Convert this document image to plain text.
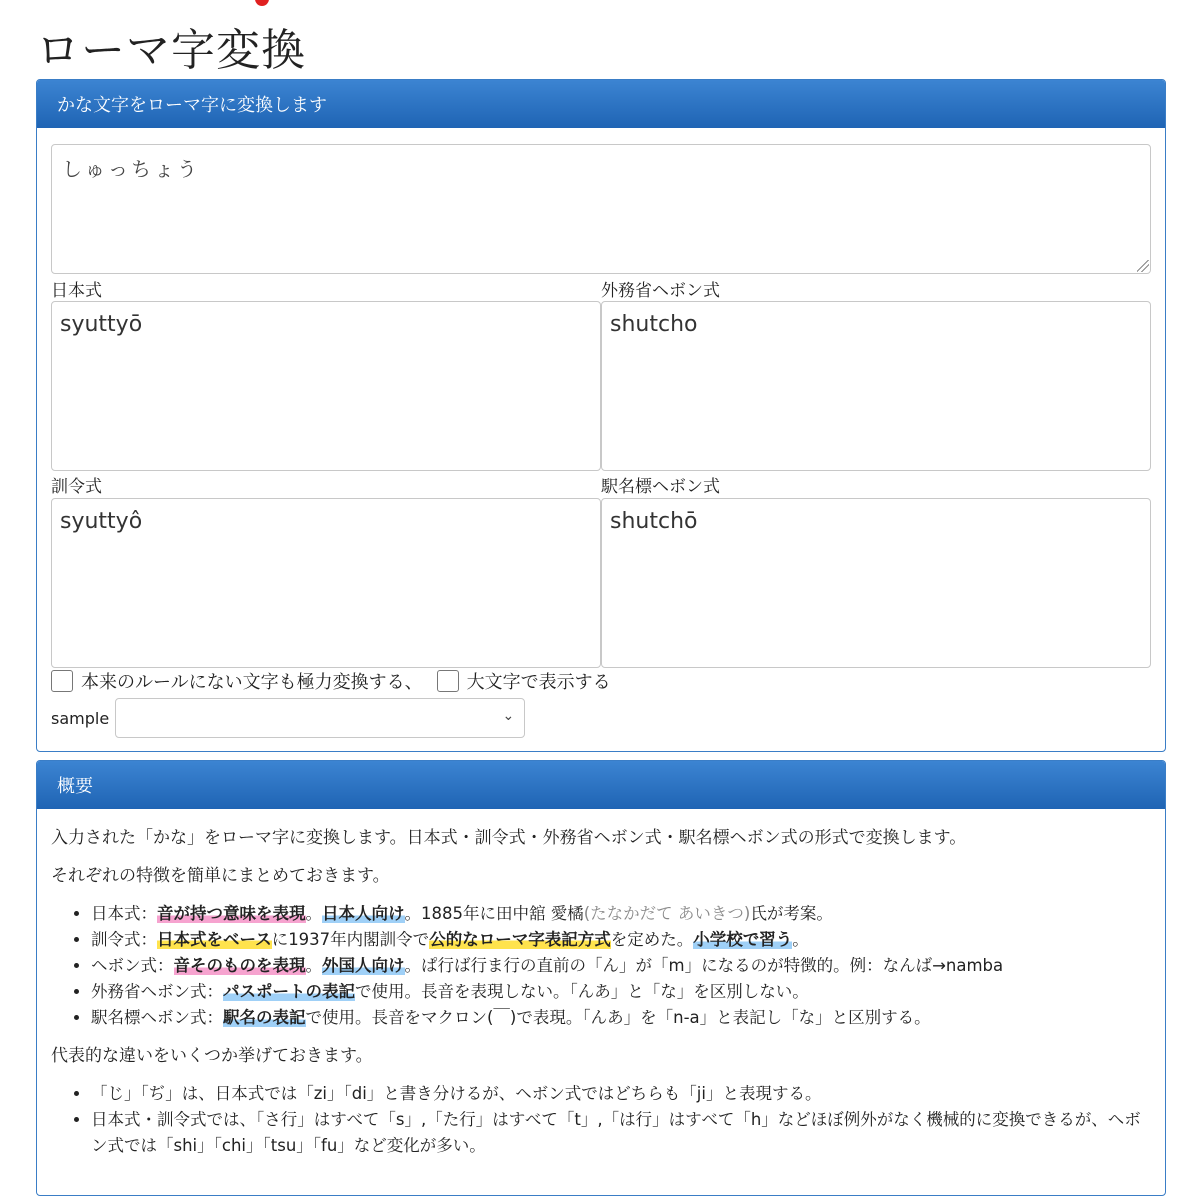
ローマ字変換
かな文字をローマ字に変換します
しゅっちょう
日本式	外務省ヘボン式
syuttyō	shutcho
訓令式	駅名標ヘボン式
syuttyô	shutchō
本来のルールにない文字も極力変換する、 大文字で表示する
sample	⌄
概要

入力された「かな」をローマ字に変換します。日本式・訓令式・外務省ヘボン式・駅名標ヘボン式の形式で変換します。

それぞれの特徴を簡単にまとめておきます。

• 日本式：音が持つ意味を表現。日本人向け。1885年に田中舘 愛橘(たなかだて あいきつ)氏が考案。
• 訓令式：日本式をベースに1937年内閣訓令で公的なローマ字表記方式を定めた。小学校で習う。
• ヘボン式：音そのものを表現。外国人向け。ぱ行ば行ま行の直前の「ん」が「m」になるのが特徴的。例：なんば→namba
• 外務省ヘボン式：パスポートの表記で使用。長音を表現しない。「んあ」と「な」を区別しない。
• 駅名標ヘボン式：駅名の表記で使用。長音をマクロン(￣)で表現。「んあ」を「n-a」と表記し「な」と区別する。

代表的な違いをいくつか挙げておきます。

• 「じ」「ぢ」は、日本式では「zi」「di」と書き分けるが、ヘボン式ではどちらも「ji」と表現する。
• 日本式・訓令式では、「さ行」はすべて「s」,「た行」はすべて「t」,「は行」はすべて「h」などほぼ例外がなく機械的に変換できるが、ヘボン式では「shi」「chi」「tsu」「fu」など変化が多い。
